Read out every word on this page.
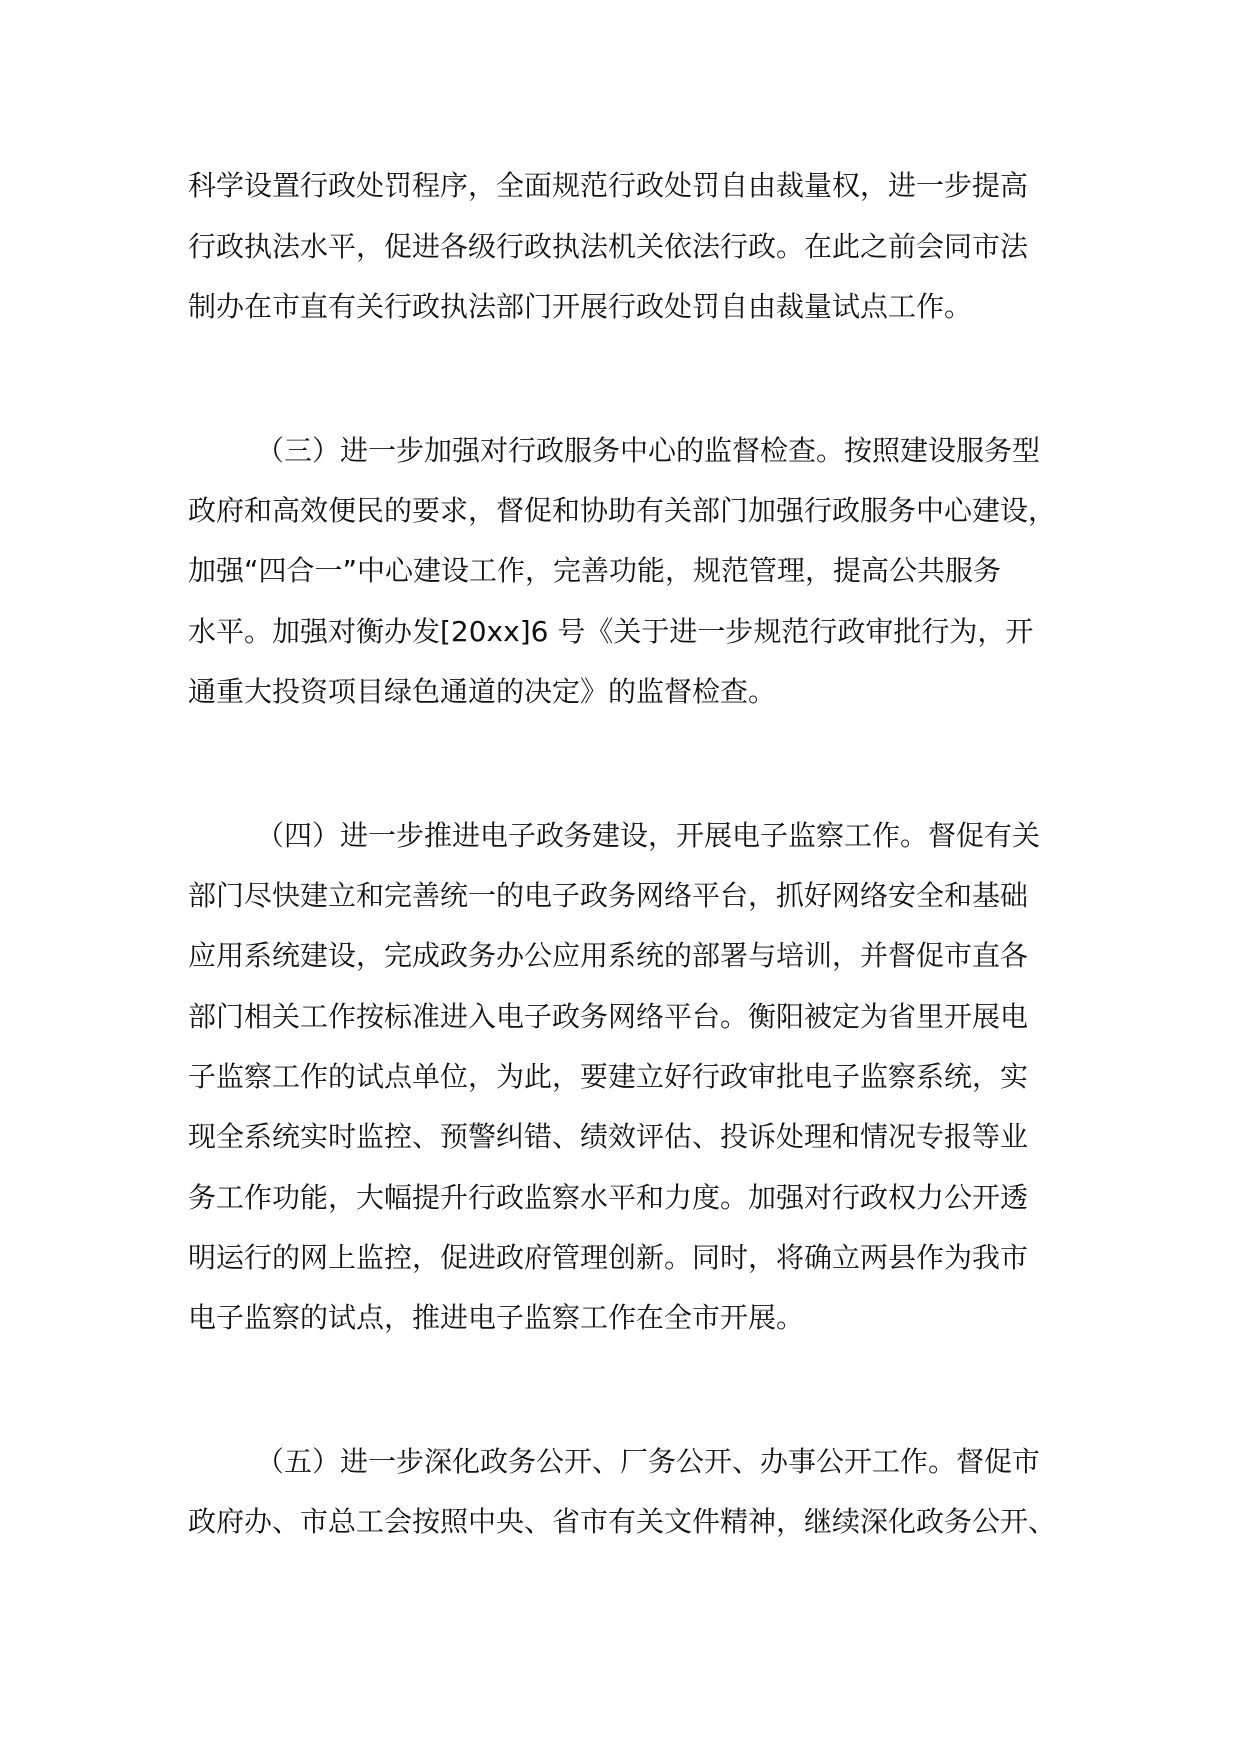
科学设置行政处罚程序，全面规范行政处罚自由裁量权，进一步提高
行政执法水平，促进各级行政执法机关依法行政。在此之前会同市法
制办在市直有关行政执法部门开展行政处罚自由裁量试点工作。
（三）进一步加强对行政服务中心的监督检查。按照建设服务型
政府和高效便民的要求，督促和协助有关部门加强行政服务中心建设，
加强“四合一”中心建设工作，完善功能，规范管理，提高公共服务
水平。加强对衡办发[20xx]6 号《关于进一步规范行政审批行为，开
通重大投资项目绿色通道的决定》的监督检查。
（四）进一步推进电子政务建设，开展电子监察工作。督促有关
部门尽快建立和完善统一的电子政务网络平台，抓好网络安全和基础
应用系统建设，完成政务办公应用系统的部署与培训，并督促市直各
部门相关工作按标准进入电子政务网络平台。衡阳被定为省里开展电
子监察工作的试点单位，为此，要建立好行政审批电子监察系统，实
现全系统实时监控、预警纠错、绩效评估、投诉处理和情况专报等业
务工作功能，大幅提升行政监察水平和力度。加强对行政权力公开透
明运行的网上监控，促进政府管理创新。同时，将确立两县作为我市
电子监察的试点，推进电子监察工作在全市开展。
（五）进一步深化政务公开、厂务公开、办事公开工作。督促市
政府办、市总工会按照中央、省市有关文件精神，继续深化政务公开、
